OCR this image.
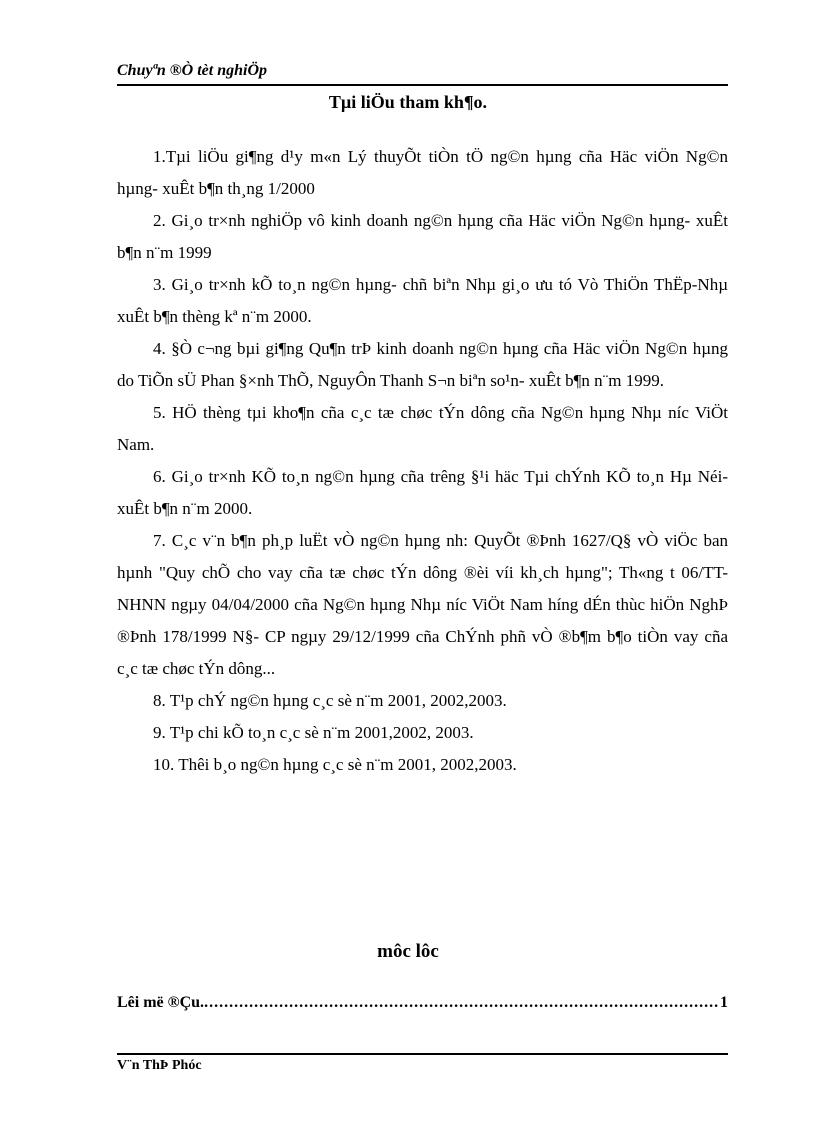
Chuyªn ®Ò tèt nghiÖp
Tµi liÖu tham kh¶o.

1.Tµi liÖu gi¶ng d¹y m«n Lý thuyÕt tiÒn tÖ ng©n hµng cña Häc viÖn Ng©n hµng- xuÊt b¶n th¸ng 1/2000

2. Gi¸o tr×nh nghiÖp vô kinh doanh ng©n hµng cña Häc viÖn Ng©n hµng- xuÊt b¶n n¨m 1999

3. Gi¸o tr×nh kÕ to¸n ng©n hµng- chñ biªn Nhµ gi¸o ưu tó Vò ThiÖn ThËp-Nhµ xuÊt b¶n thèng kª n¨m 2000.

4. §Ò c¬ng bµi gi¶ng Qu¶n trÞ kinh doanh ng©n hµng cña Häc viÖn Ng©n hµng do TiÕn sÜ Phan §×nh ThÕ, NguyÔn Thanh S¬n biªn so¹n- xuÊt b¶n n¨m 1999.

5. HÖ thèng tµi kho¶n cña c¸c tæ chøc tÝn dông cña Ng©n hµng Nhµ níc ViÖt Nam.

6. Gi¸o tr×nh KÕ to¸n ng©n hµng cña trêng §¹i häc Tµi chÝnh KÕ to¸n Hµ Néi- xuÊt b¶n n¨m 2000.

7. C¸c v¨n b¶n ph¸p luËt vÒ ng©n hµng nh: QuyÕt ®Þnh 1627/Q§ vÒ viÖc ban hµnh "Quy chÕ cho vay cña tæ chøc tÝn dông ®èi víi kh¸ch hµng"; Th«ng t 06/TT-NHNN ngµy 04/04/2000 cña Ng©n hµng Nhµ níc ViÖt Nam híng dÉn thùc hiÖn NghÞ ®Þnh 178/1999 N§- CP ngµy 29/12/1999 cña ChÝnh phñ vÒ ®b¶m b¶o tiÒn vay cña c¸c tæ chøc tÝn dông...

8. T¹p chÝ ng©n hµng c¸c sè n¨m 2001, 2002,2003.

9. T¹p chi kÕ to¸n c¸c sè n¨m 2001,2002, 2003.

10. Thêi b¸o ng©n hµng c¸c sè n¨m 2001, 2002,2003.

môc lôc
Lêi më ®Çu.
.....	1
V¨n ThÞ Phóc
